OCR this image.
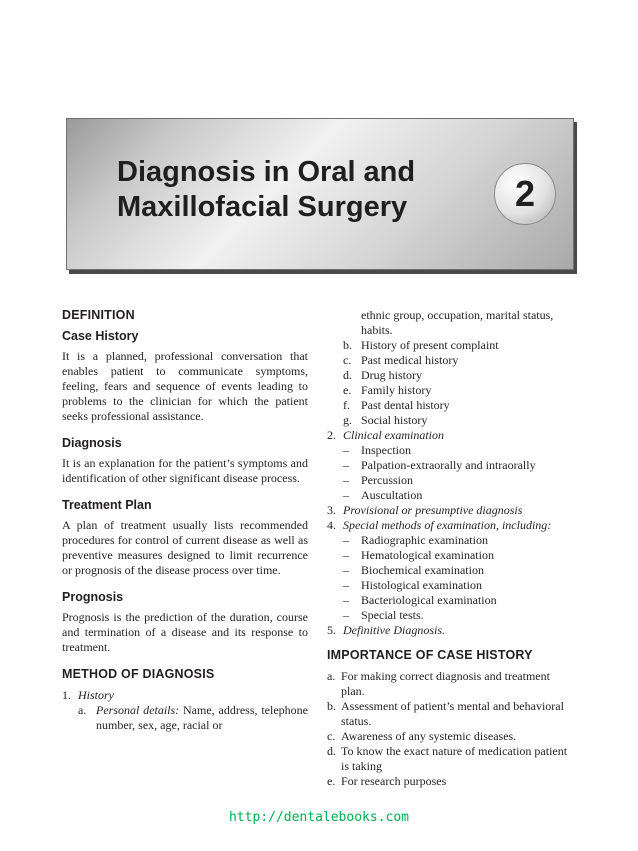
Diagnosis in Oral and
Maxillofacial Surgery	2
DEFINITION
Case History

It is a planned, professional conversation that enables patient to communicate symptoms, feeling, fears and sequence of events leading to problems to the clinician for which the patient seeks professional assistance.

Diagnosis

It is an explanation for the patient’s symptoms and identification of other significant disease process.

Treatment Plan

A plan of treatment usually lists recommended procedures for control of current disease as well as preventive measures designed to limit recurrence or prognosis of the disease process over time.

Prognosis

Prognosis is the prediction of the duration, course and termination of a disease and its response to treatment.

METHOD OF DIAGNOSIS
1. History
a. Personal details: Name, address, telephone number, sex, age, racial or
ethnic group, occupation, marital status, habits.
b. History of present complaint
c. Past medical history
d. Drug history
e. Family history
f. Past dental history
g. Social history
2. Clinical examination
–	Inspection
–	Palpation-extraorally and intraorally
–	Percussion
–	Auscultation
3. Provisional or presumptive diagnosis
4. Special methods of examination, including:
–	Radiographic examination
–	Hematological examination
–	Biochemical examination
–	Histological examination
–	Bacteriological examination
–	Special tests.
5. Definitive Diagnosis.
IMPORTANCE OF CASE HISTORY
a. For making correct diagnosis and treatment plan.
b. Assessment of patient’s mental and behavioral status.
c. Awareness of any systemic diseases.
d. To know the exact nature of medication patient is taking
e. For research purposes
http://dentalebooks.com
